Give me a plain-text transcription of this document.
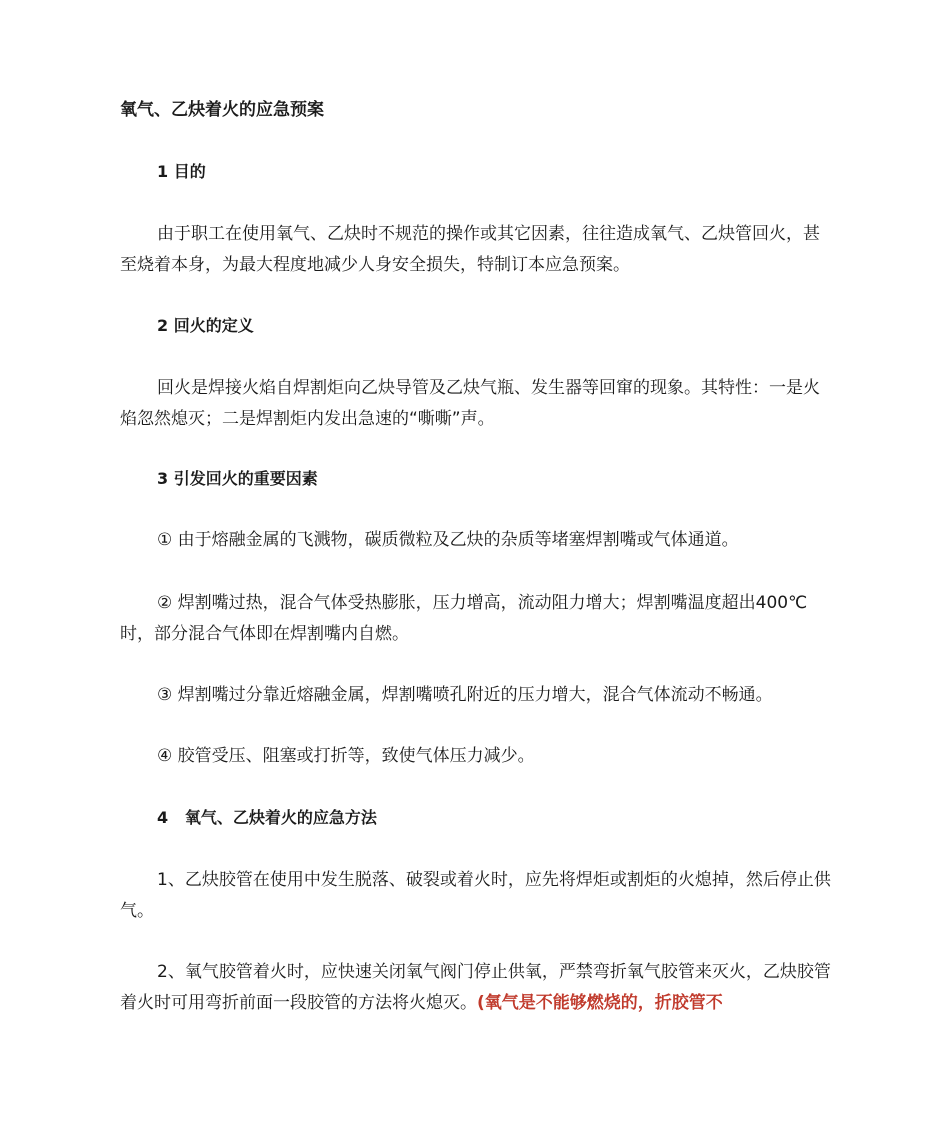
氧气、乙炔着火的应急预案
1 目的

由于职工在使用氧气、乙炔时不规范的操作或其它因素，往往造成氧气、乙炔管回火，甚至烧着本身，为最大程度地减少人身安全损失，特制订本应急预案。

2 回火的定义

回火是焊接火焰自焊割炬向乙炔导管及乙炔气瓶、发生器等回窜的现象。其特性：一是火焰忽然熄灭；二是焊割炬内发出急速的“嘶嘶”声。

3 引发回火的重要因素

① 由于熔融金属的飞溅物，碳质微粒及乙炔的杂质等堵塞焊割嘴或气体通道。

② 焊割嘴过热，混合气体受热膨胀，压力增高，流动阻力增大；焊割嘴温度超出400℃时，部分混合气体即在焊割嘴内自燃。

③ 焊割嘴过分靠近熔融金属，焊割嘴喷孔附近的压力增大，混合气体流动不畅通。

④ 胶管受压、阻塞或打折等，致使气体压力减少。

4   氧气、乙炔着火的应急方法

1、乙炔胶管在使用中发生脱落、破裂或着火时，应先将焊炬或割炬的火熄掉，然后停止供气。

2、氧气胶管着火时，应快速关闭氧气阀门停止供氧，严禁弯折氧气胶管来灭火，乙炔胶管着火时可用弯折前面一段胶管的方法将火熄灭。(氧气是不能够燃烧的，折胶管不
